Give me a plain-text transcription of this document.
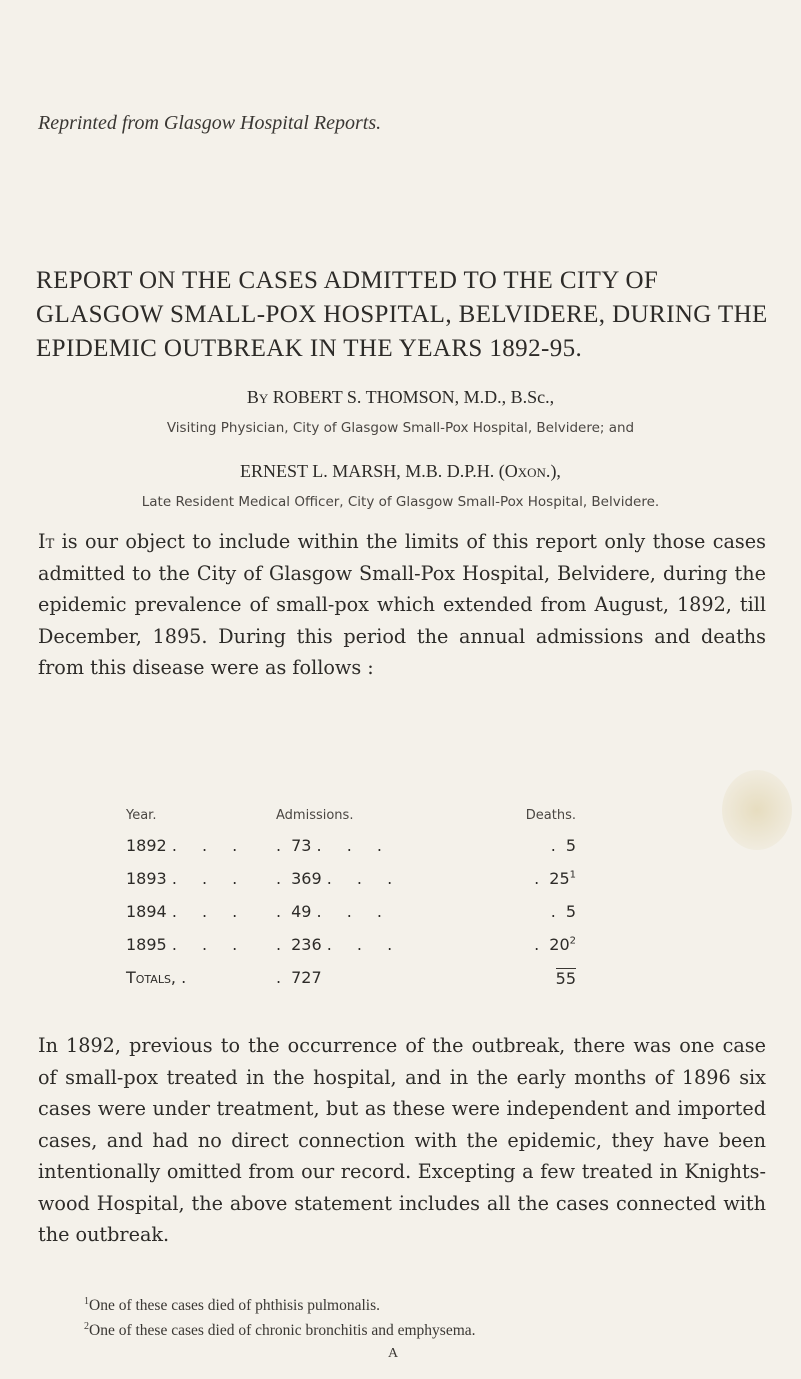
Reprinted from Glasgow Hospital Reports.
REPORT ON THE CASES ADMITTED TO THE CITY OF GLASGOW SMALL-POX HOSPITAL, BELVIDERE, DURING THE EPIDEMIC OUTBREAK IN THE YEARS 1892-95.
By ROBERT S. THOMSON, M.D., B.Sc.,
Visiting Physician, City of Glasgow Small-Pox Hospital, Belvidere; and
ERNEST L. MARSH, M.B. D.P.H. (Oxon.),
Late Resident Medical Officer, City of Glasgow Small-Pox Hospital, Belvidere.
It is our object to include within the limits of this report only those cases admitted to the City of Glasgow Small-Pox Hospital, Belvidere, during the epidemic prevalence of small-pox which extended from August, 1892, till December, 1895. During this period the annual admissions and deaths from this disease were as follows :
Year.	Admissions.	Deaths.
1892 . . .	.73 . . .	.5
1893 . . .	.369 . . .	$.25^1$
1894 . . .	.49 . . .	.5
1895 . . .	.236 . . .	$.20^2$
Totals, .	.727	55
In 1892, previous to the occurrence of the outbreak, there was one case of small-pox treated in the hospital, and in the early months of 1896 six cases were under treatment, but as these were independent and imported cases, and had no direct connection with the epidemic, they have been intentionally omitted from our record. Excepting a few treated in Knights-wood Hospital, the above statement includes all the cases connected with the outbreak.
$^1$One of these cases died of phthisis pulmonalis.
$^2$One of these cases died of chronic bronchitis and emphysema.
A
